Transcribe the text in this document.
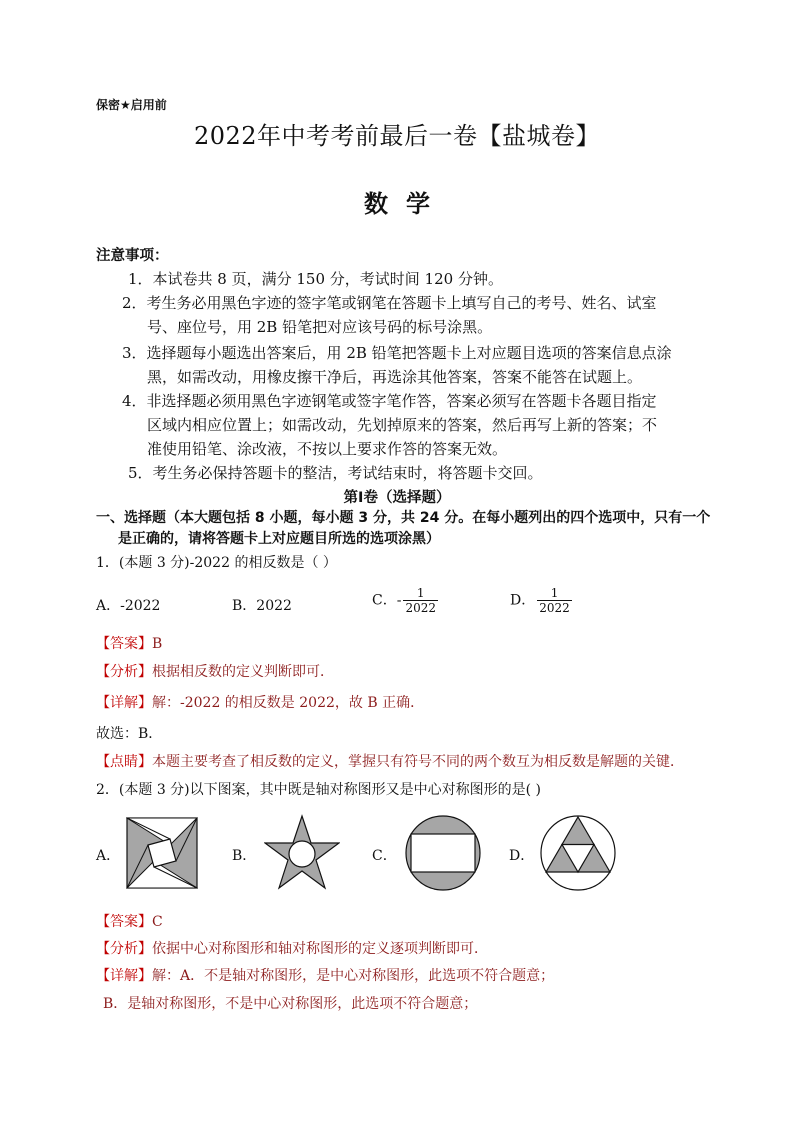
保密★启用前
2022年中考考前最后一卷【盐城卷】
数学
注意事项：
1．本试卷共 8 页，满分 150 分，考试时间 120 分钟。
2．考生务必用黑色字迹的签字笔或钢笔在答题卡上填写自己的考号、姓名、试室
号、座位号，用 2B 铅笔把对应该号码的标号涂黑。
3．选择题每小题选出答案后，用 2B 铅笔把答题卡上对应题目选项的答案信息点涂
黑，如需改动，用橡皮擦干净后，再选涂其他答案，答案不能答在试题上。
4．非选择题必须用黑色字迹钢笔或签字笔作答，答案必须写在答题卡各题目指定
区域内相应位置上；如需改动，先划掉原来的答案，然后再写上新的答案；不
准使用铅笔、涂改液，不按以上要求作答的答案无效。
5．考生务必保持答题卡的整洁，考试结束时，将答题卡交回。
第Ⅰ卷（选择题）
一、选择题（本大题包括 8 小题，每小题 3 分，共 24 分。在每小题列出的四个选项中，只有一个
是正确的，请将答题卡上对应题目所选的选项涂黑）
1．(本题 3 分)-2022 的相反数是（ ）
A．-2022	B．2022	C．- $\frac{1}{2022}$	D． $\frac{1}{2022}$
【答案】B
【分析】根据相反数的定义判断即可．
【详解】解：-2022 的相反数是 2022，故 B 正确．
故选：B．
【点睛】本题主要考查了相反数的定义，掌握只有符号不同的两个数互为相反数是解题的关键．
2．(本题 3 分)以下图案，其中既是轴对称图形又是中心对称图形的是( )
A．	B．	C．	D．
【答案】C
【分析】依据中心对称图形和轴对称图形的定义逐项判断即可．
【详解】解：A．不是轴对称图形，是中心对称图形，此选项不符合题意；
B．是轴对称图形，不是中心对称图形，此选项不符合题意；
